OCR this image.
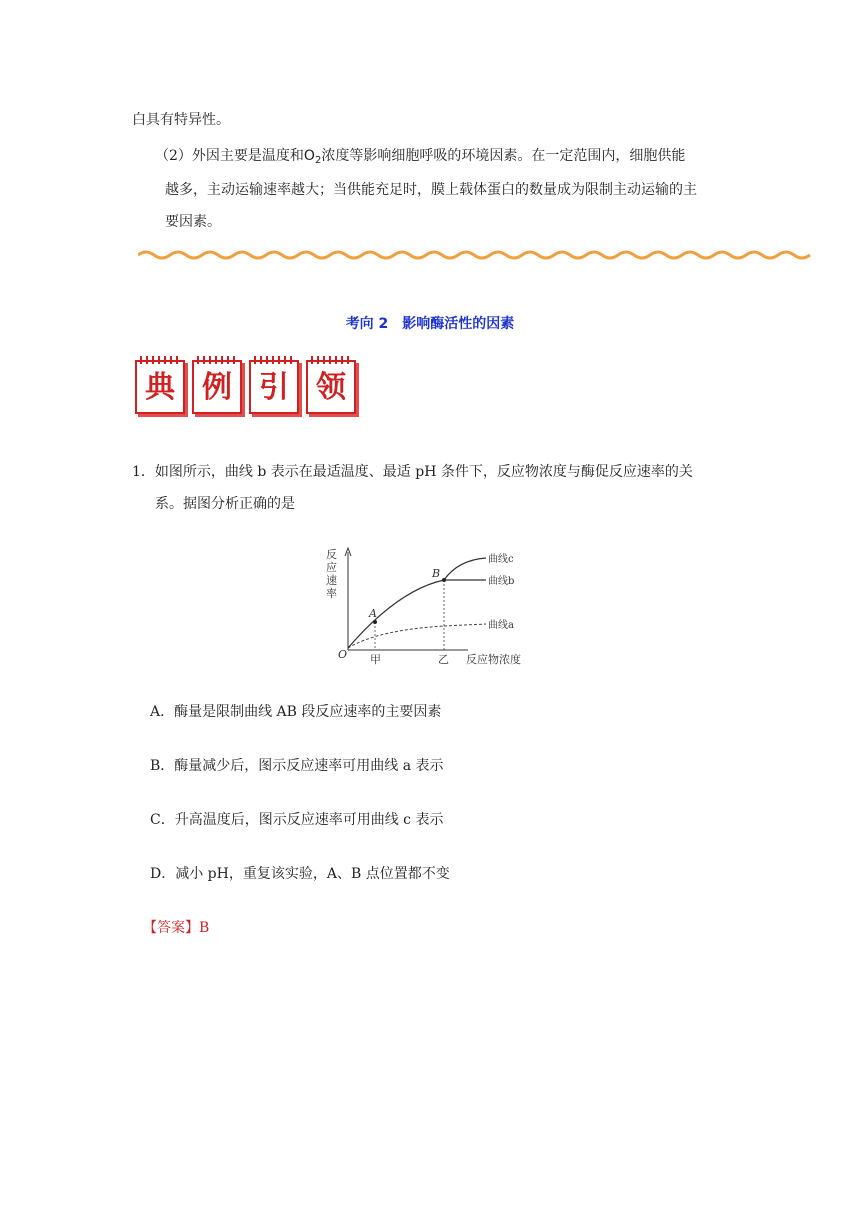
白具有特异性。
（2）外因主要是温度和$O_2$浓度等影响细胞呼吸的环境因素。在一定范围内，细胞供能
越多，主动运输速率越大；当供能充足时，膜上载体蛋白的数量成为限制主动运输的主
要因素。
考向 2　影响酶活性的因素
典 例 引 领
1．如图所示，曲线 b 表示在最适温度、最适 pH 条件下，反应物浓度与酶促反应速率的关
系。据图分析正确的是
反
应
速
率
O 甲	乙 反应物浓度
A
B
曲线c
曲线b
曲线a
A．酶量是限制曲线 AB 段反应速率的主要因素
B．酶量减少后，图示反应速率可用曲线 a 表示
C．升高温度后，图示反应速率可用曲线 c 表示
D．减小 pH，重复该实验，A、B 点位置都不变
【答案】B
